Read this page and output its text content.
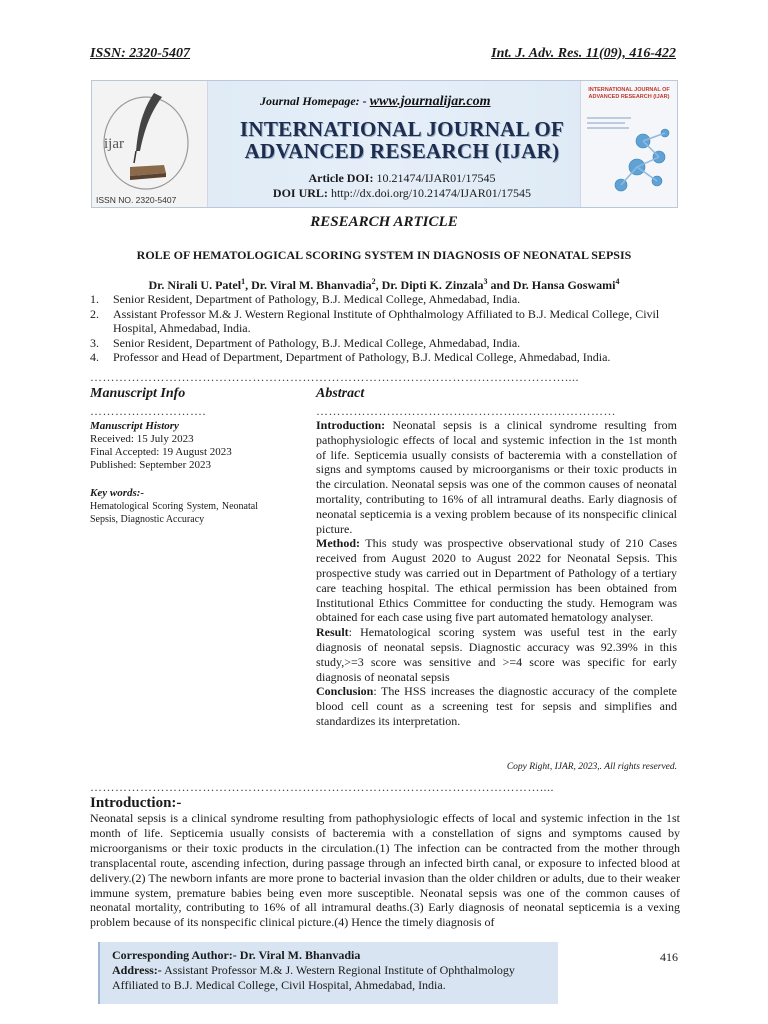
ISSN: 2320-5407	Int. J. Adv. Res. 11(09), 416-422
ijar
ISSN NO. 2320-5407
Journal Homepage: - www.journalijar.com
INTERNATIONAL JOURNAL OF
ADVANCED RESEARCH (IJAR)
Article DOI: 10.21474/IJAR01/17545
DOI URL: http://dx.doi.org/10.21474/IJAR01/17545
INTERNATIONAL JOURNAL OF ADVANCED RESEARCH (IJAR)
RESEARCH ARTICLE
ROLE OF HEMATOLOGICAL SCORING SYSTEM IN DIAGNOSIS OF NEONATAL SEPSIS
Dr. Nirali U. Patel$^1$, Dr. Viral M. Bhanvadia$^2$, Dr. Dipti K. Zinzala$^3$ and Dr. Hansa Goswami$^4$
1. Senior Resident, Department of Pathology, B.J. Medical College, Ahmedabad, India.
2. Assistant Professor M.& J. Western Regional Institute of Ophthalmology Affiliated to B.J. Medical College, Civil Hospital, Ahmedabad, India.
3. Senior Resident, Department of Pathology, B.J. Medical College, Ahmedabad, India.
4. Professor and Head of Department, Department of Pathology, B.J. Medical College, Ahmedabad, India.
……………………………………………………………………………………………………....
Manuscript Info
……………………….
Manuscript History
Received: 15 July 2023
Final Accepted: 19 August 2023
Published: September 2023
Key words:-
Hematological Scoring System, Neonatal Sepsis, Diagnostic Accuracy
Abstract
………………………………………………………………

Introduction: Neonatal sepsis is a clinical syndrome resulting from pathophysiologic effects of local and systemic infection in the 1st month of life. Septicemia usually consists of bacteremia with a constellation of signs and symptoms caused by microorganisms or their toxic products in the circulation. Neonatal sepsis was one of the common causes of neonatal mortality, contributing to 16% of all intramural deaths. Early diagnosis of neonatal septicemia is a vexing problem because of its nonspecific clinical picture.

Method: This study was prospective observational study of 210 Cases received from August 2020 to August 2022 for Neonatal Sepsis. This prospective study was carried out in Department of Pathology of a tertiary care teaching hospital. The ethical permission has been obtained from Institutional Ethics Committee for conducting the study. Hemogram was obtained for each case using five part automated hematology analyser.

Result: Hematological scoring system was useful test in the early diagnosis of neonatal sepsis. Diagnostic accuracy was 92.39% in this study,>=3 score was sensitive and >=4 score was specific for early diagnosis of neonatal sepsis

Conclusion: The HSS increases the diagnostic accuracy of the complete blood cell count as a screening test for sepsis and simplifies and standardizes its interpretation.

Copy Right, IJAR, 2023,. All rights reserved.
………………………………………………………………………………………………....
Introduction:-
Neonatal sepsis is a clinical syndrome resulting from pathophysiologic effects of local and systemic infection in the 1st month of life. Septicemia usually consists of bacteremia with a constellation of signs and symptoms caused by microorganisms or their toxic products in the circulation.(1) The infection can be contracted from the mother through transplacental route, ascending infection, during passage through an infected birth canal, or exposure to infected blood at delivery.(2) The newborn infants are more prone to bacterial invasion than the older children or adults, due to their weaker immune system, premature babies being even more susceptible. Neonatal sepsis was one of the common causes of neonatal mortality, contributing to 16% of all intramural deaths.(3) Early diagnosis of neonatal septicemia is a vexing problem because of its nonspecific clinical picture.(4) Hence the timely diagnosis of
Corresponding Author:- Dr. Viral M. Bhanvadia
Address:- Assistant Professor M.& J. Western Regional Institute of Ophthalmology Affiliated to B.J. Medical College, Civil Hospital, Ahmedabad, India.
416
